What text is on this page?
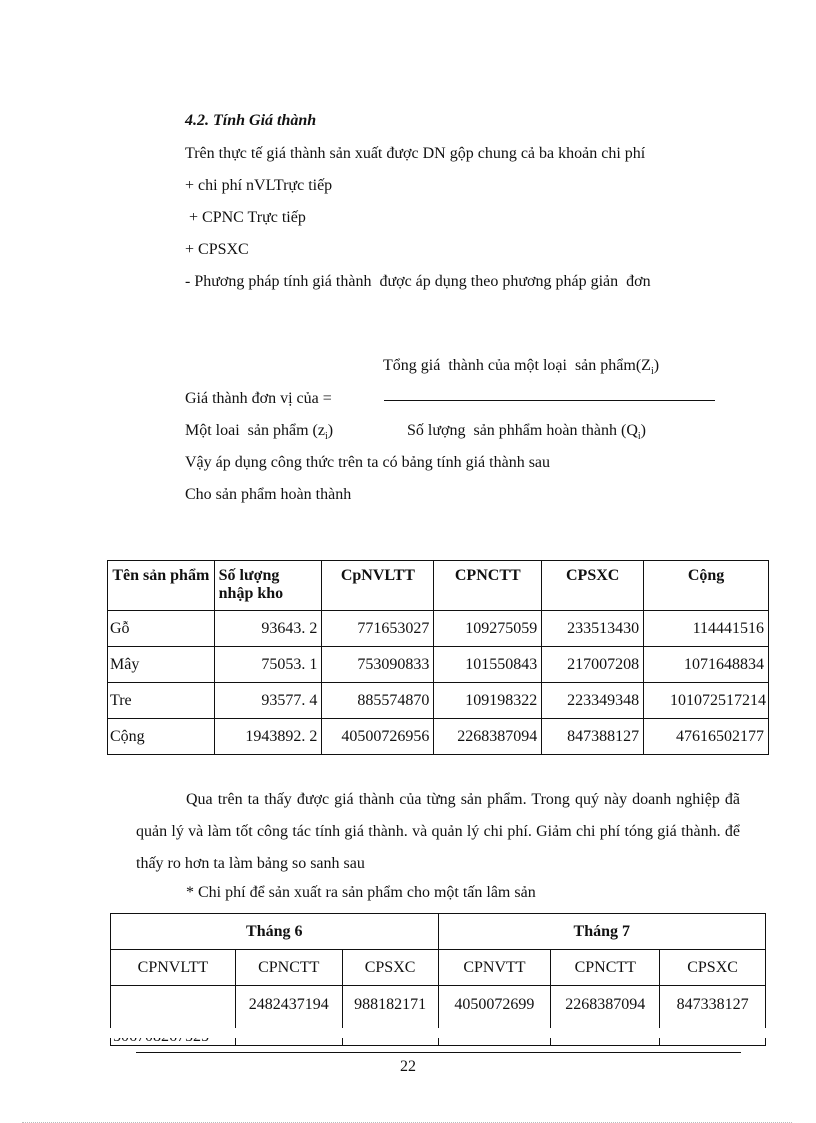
4.2. Tính Giá thành
Trên thực tế giá thành sản xuất được DN gộp chung cả ba khoản chi phí
+ chi phí nVLTrực tiếp
+ CPNC Trực tiếp
+ CPSXC
- Phương pháp tính giá thành  được áp dụng theo phương pháp giản  đơn
Tổng giá  thành của một loại  sản $phẩm(Z_i)$
Giá thành đơn vị của =
Một loai  sản phẩm $(z_i)$	Số lượng  sản phhẩm hoàn thành $(Q_i)$
Vậy áp dụng công thức trên ta có bảng tính giá thành sau
Cho sản phẩm hoàn thành
Tên sản phẩm	Số lượng nhập kho	CpNVLTT	CPNCTT	CPSXC	Cộng
Gỗ	93643. 2	771653027	109275059	233513430	114441516
Mây	75053. 1	753090833	101550843	217007208	1071648834
Tre	93577. 4	885574870	109198322	223349348	101072517214
Cộng	1943892. 2	40500726956	2268387094	847388127	47616502177
Qua trên ta thấy được giá thành của từng sản phẩm. Trong quý này doanh nghiệp đã quản lý và làm tốt công tác tính giá thành. và quản lý chi phí. Giảm chi phí tóng giá thành. để thấy ro hơn ta làm bảng so sanh sau
* Chi phí để sản xuất ra sản phẩm cho một tấn lâm sản
Tháng 6			Tháng 7		
CPNVLTT	CPNCTT	CPSXC	CPNVTT	CPNCTT	CPSXC
	2482437194	988182171	4050072699	2268387094	847338127
22
